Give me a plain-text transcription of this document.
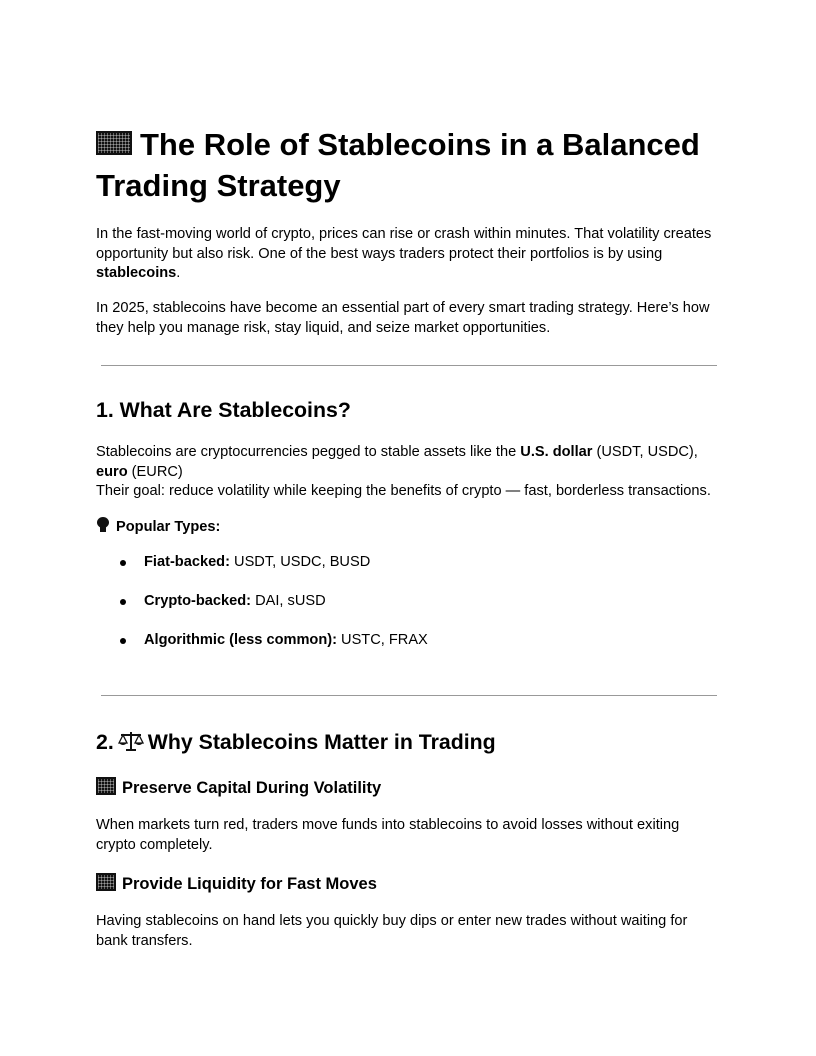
The Role of Stablecoins in a Balanced Trading Strategy

In the fast-moving world of crypto, prices can rise or crash within minutes. That volatility creates opportunity but also risk. One of the best ways traders protect their portfolios is by using stablecoins.

In 2025, stablecoins have become an essential part of every smart trading strategy. Here’s how they help you manage risk, stay liquid, and seize market opportunities.

1. What Are Stablecoins?

Stablecoins are cryptocurrencies pegged to stable assets like the U.S. dollar (USDT, USDC),
euro (EURC)
Their goal: reduce volatility while keeping the benefits of crypto — fast, borderless transactions.

Popular Types:
Fiat-backed: USDT, USDC, BUSD
Crypto-backed: DAI, sUSD
Algorithmic (less common): USTC, FRAX
2. Why Stablecoins Matter in Trading
Preserve Capital During Volatility

When markets turn red, traders move funds into stablecoins to avoid losses without exiting crypto completely.

Provide Liquidity for Fast Moves

Having stablecoins on hand lets you quickly buy dips or enter new trades without waiting for bank transfers.
